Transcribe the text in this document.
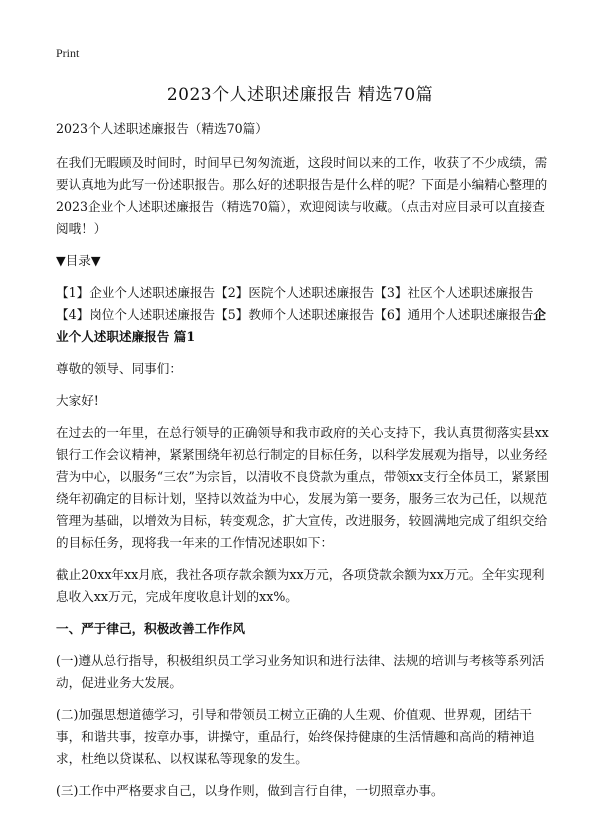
Print
2023个人述职述廉报告 精选70篇

2023个人述职述廉报告（精选70篇）

在我们无暇顾及时间时，时间早已匆匆流逝，这段时间以来的工作，收获了不少成绩，需要认真地为此写一份述职报告。那么好的述职报告是什么样的呢？下面是小编精心整理的2023企业个人述职述廉报告（精选70篇），欢迎阅读与收藏。（点击对应目录可以直接查阅哦！）

▼目录▼

【1】企业个人述职述廉报告【2】医院个人述职述廉报告【3】社区个人述职述廉报告【4】岗位个人述职述廉报告【5】教师个人述职述廉报告【6】通用个人述职述廉报告企业个人述职述廉报告 篇1

尊敬的领导、同事们：

大家好!

在过去的一年里，在总行领导的正确领导和我市政府的关心支持下，我认真贯彻落实县xx银行工作会议精神，紧紧围绕年初总行制定的目标任务，以科学发展观为指导，以业务经营为中心，以服务“三农”为宗旨，以清收不良贷款为重点，带领xx支行全体员工，紧紧围绕年初确定的目标计划，坚持以效益为中心，发展为第一要务，服务三农为己任，以规范管理为基础，以增效为目标，转变观念，扩大宣传，改进服务，较圆满地完成了组织交给的目标任务，现将我一年来的工作情况述职如下：

截止20xx年xx月底，我社各项存款余额为xx万元，各项贷款余额为xx万元。全年实现利息收入xx万元，完成年度收息计划的xx%。

一、严于律己，积极改善工作作风

(一)遵从总行指导，积极组织员工学习业务知识和进行法律、法规的培训与考核等系列活动，促进业务大发展。

(二)加强思想道德学习，引导和带领员工树立正确的人生观、价值观、世界观，团结干事，和谐共事，按章办事，讲操守，重品行，始终保持健康的生活情趣和高尚的精神追求，杜绝以贷谋私、以权谋私等现象的发生。

(三)工作中严格要求自己，以身作则，做到言行自律，一切照章办事。
